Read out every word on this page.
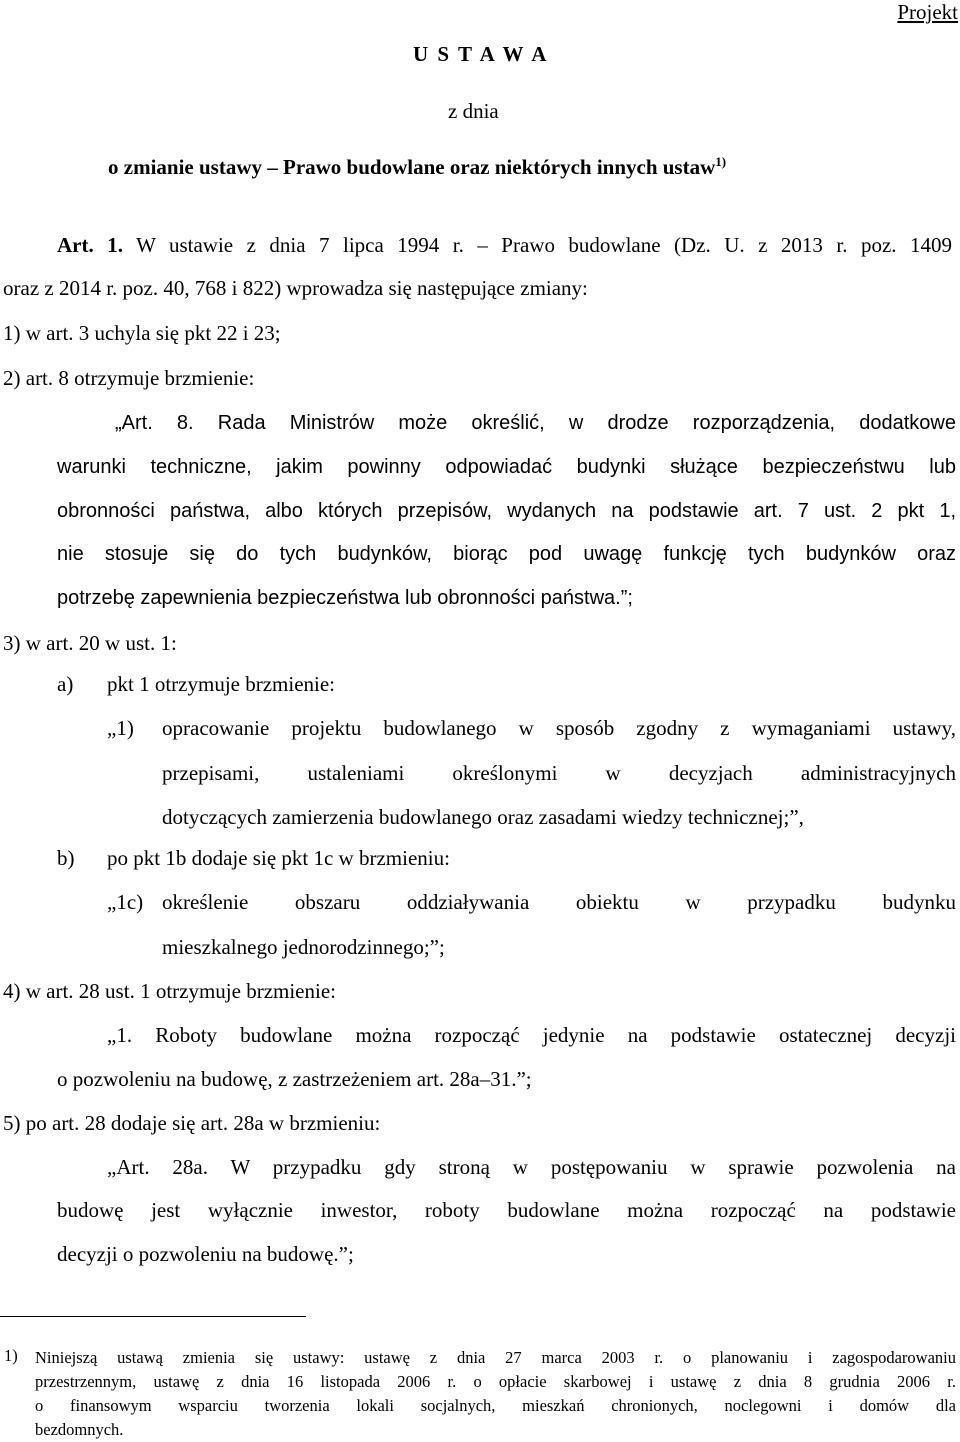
Projekt
U S T A W A
z dnia
o zmianie ustawy – Prawo budowlane oraz niektórych innych ustaw$^{1)}$
Art. 1. W ustawie z dnia 7 lipca 1994 r. – Prawo budowlane (Dz. U. z 2013 r. poz. 1409
oraz z 2014 r. poz. 40, 768 i 822) wprowadza się następujące zmiany:
1) w art. 3 uchyla się pkt 22 i 23;
2) art. 8 otrzymuje brzmienie:
„Art. 8. Rada Ministrów może określić, w drodze rozporządzenia, dodatkowe
warunki techniczne, jakim powinny odpowiadać budynki służące bezpieczeństwu lub
obronności państwa, albo których przepisów, wydanych na podstawie art. 7 ust. 2 pkt 1,
nie stosuje się do tych budynków, biorąc pod uwagę funkcję tych budynków oraz
potrzebę zapewnienia bezpieczeństwa lub obronności państwa.”;
3) w art. 20 w ust. 1:
a) pkt 1 otrzymuje brzmienie:
„1) opracowanie projektu budowlanego w sposób zgodny z wymaganiami ustawy,
przepisami, ustaleniami określonymi w decyzjach administracyjnych
dotyczących zamierzenia budowlanego oraz zasadami wiedzy technicznej;”,
b) po pkt 1b dodaje się pkt 1c w brzmieniu:
„1c) określenie obszaru oddziaływania obiektu w przypadku budynku
mieszkalnego jednorodzinnego;”;
4) w art. 28 ust. 1 otrzymuje brzmienie:
„1. Roboty budowlane można rozpocząć jedynie na podstawie ostatecznej decyzji
o pozwoleniu na budowę, z zastrzeżeniem art. 28a–31.”;
5) po art. 28 dodaje się art. 28a w brzmieniu:
„Art. 28a. W przypadku gdy stroną w postępowaniu w sprawie pozwolenia na
budowę jest wyłącznie inwestor, roboty budowlane można rozpocząć na podstawie
decyzji o pozwoleniu na budowę.”;
1) Niniejszą ustawą zmienia się ustawy: ustawę z dnia 27 marca 2003 r. o planowaniu i zagospodarowaniu
przestrzennym, ustawę z dnia 16 listopada 2006 r. o opłacie skarbowej i ustawę z dnia 8 grudnia 2006 r.
o finansowym wsparciu tworzenia lokali socjalnych, mieszkań chronionych, noclegowni i domów dla
bezdomnych.
